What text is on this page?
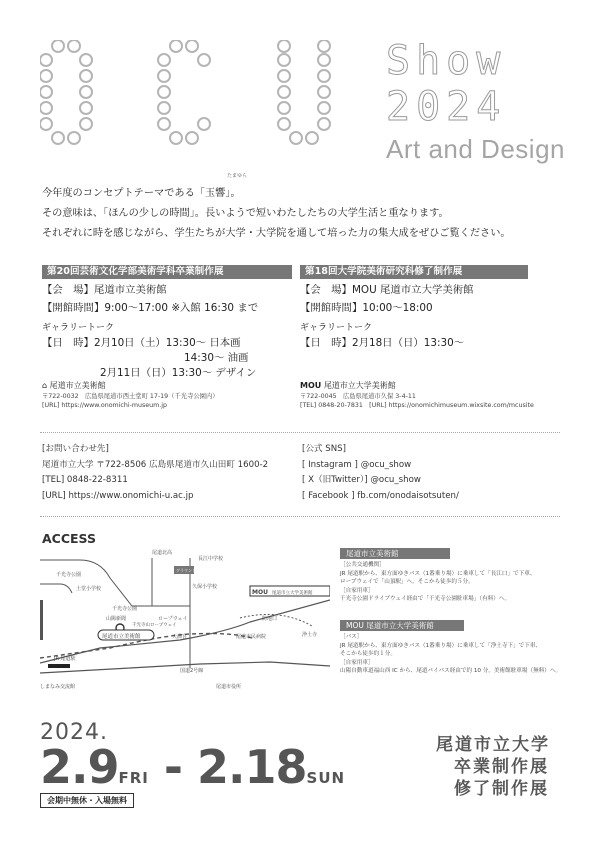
Show
2024
Art and Design
たまゆら
今年度のコンセプトテーマである「玉響」。
その意味は、「ほんの少しの時間」。長いようで短いわたしたちの大学生活と重なります。
それぞれに時を感じながら、学生たちが大学・大学院を通して培った力の集大成をぜひご覧ください。
第20回芸術文化学部美術学科卒業制作展
【会　場】尾道市立美術館
【開館時間】9:00〜17:00 ※入館 16:30 まで
ギャラリートーク
【日　時】2月10日（土）13:30〜 日本画
14:30〜 油画
2月11日（日）13:30〜 デザイン
⌂ 尾道市立美術館
〒722-0032　広島県尾道市西土堂町 17-19（千光寺公園内）
[URL] https://www.onomichi-museum.jp
第18回大学院美術研究科修了制作展
【会　場】MOU 尾道市立大学美術館
【開館時間】10:00〜18:00
ギャラリートーク
【日　時】2月18日（日）13:30〜
MOU 尾道市立大学美術館
〒722-0045　広島県尾道市久保 3-4-11
[TEL] 0848-20-7831　[URL] https://onomichimuseum.wixsite.com/mcusite
[お問い合わせ先]
尾道市立大学 〒722-8506 広島県尾道市久山田町 1600-2
[TEL] 0848-22-8311
[URL] https://www.onomichi-u.ac.jp
[公式 SNS]
[ Instagram ] @ocu_show
[ X（旧Twitter）] @ocu_show
[ Facebook ] fb.com/onodaisotsuten/
ACCESS
尾道北高
長江中学校
グラウンド
土堂小学校
千光寺公園
千光寺公園
山陽新聞
久保小学校
ロープウェイ
尾道市立美術館
MOU 尾道市立大学美術館
浄土寺
JR 尾道駅
しまなみ交流館
天満宮
防地口
尾道市役所
尾道市民病院
国道2号線
千光寺山ロープウェイ
尾道市立美術館
［公共交通機関］
JR 尾道駅から、東方面ゆきバス（1番乗り場）に乗車して「長江口」で下車、
ロープウェイで「山頂駅」へ。そこから徒歩約５分。
［自家用車］
千光寺公園ドライブウェイ経由で「千光寺公園駐車場」（有料）へ。
MOU 尾道市立大学美術館
［バス］
JR 尾道駅から、東方面ゆきバス（1番乗り場）に乗車して「浄土寺下」で下車、
そこから徒歩約１分。
［自家用車］
山陽自動車道福山西 IC から、尾道バイパス経由で約 10 分。美術館駐車場（無料）へ。
2024.
2.9FRI - 2.18SUN
会期中無休・入場無料
尾道市立大学
卒業制作展
修了制作展
